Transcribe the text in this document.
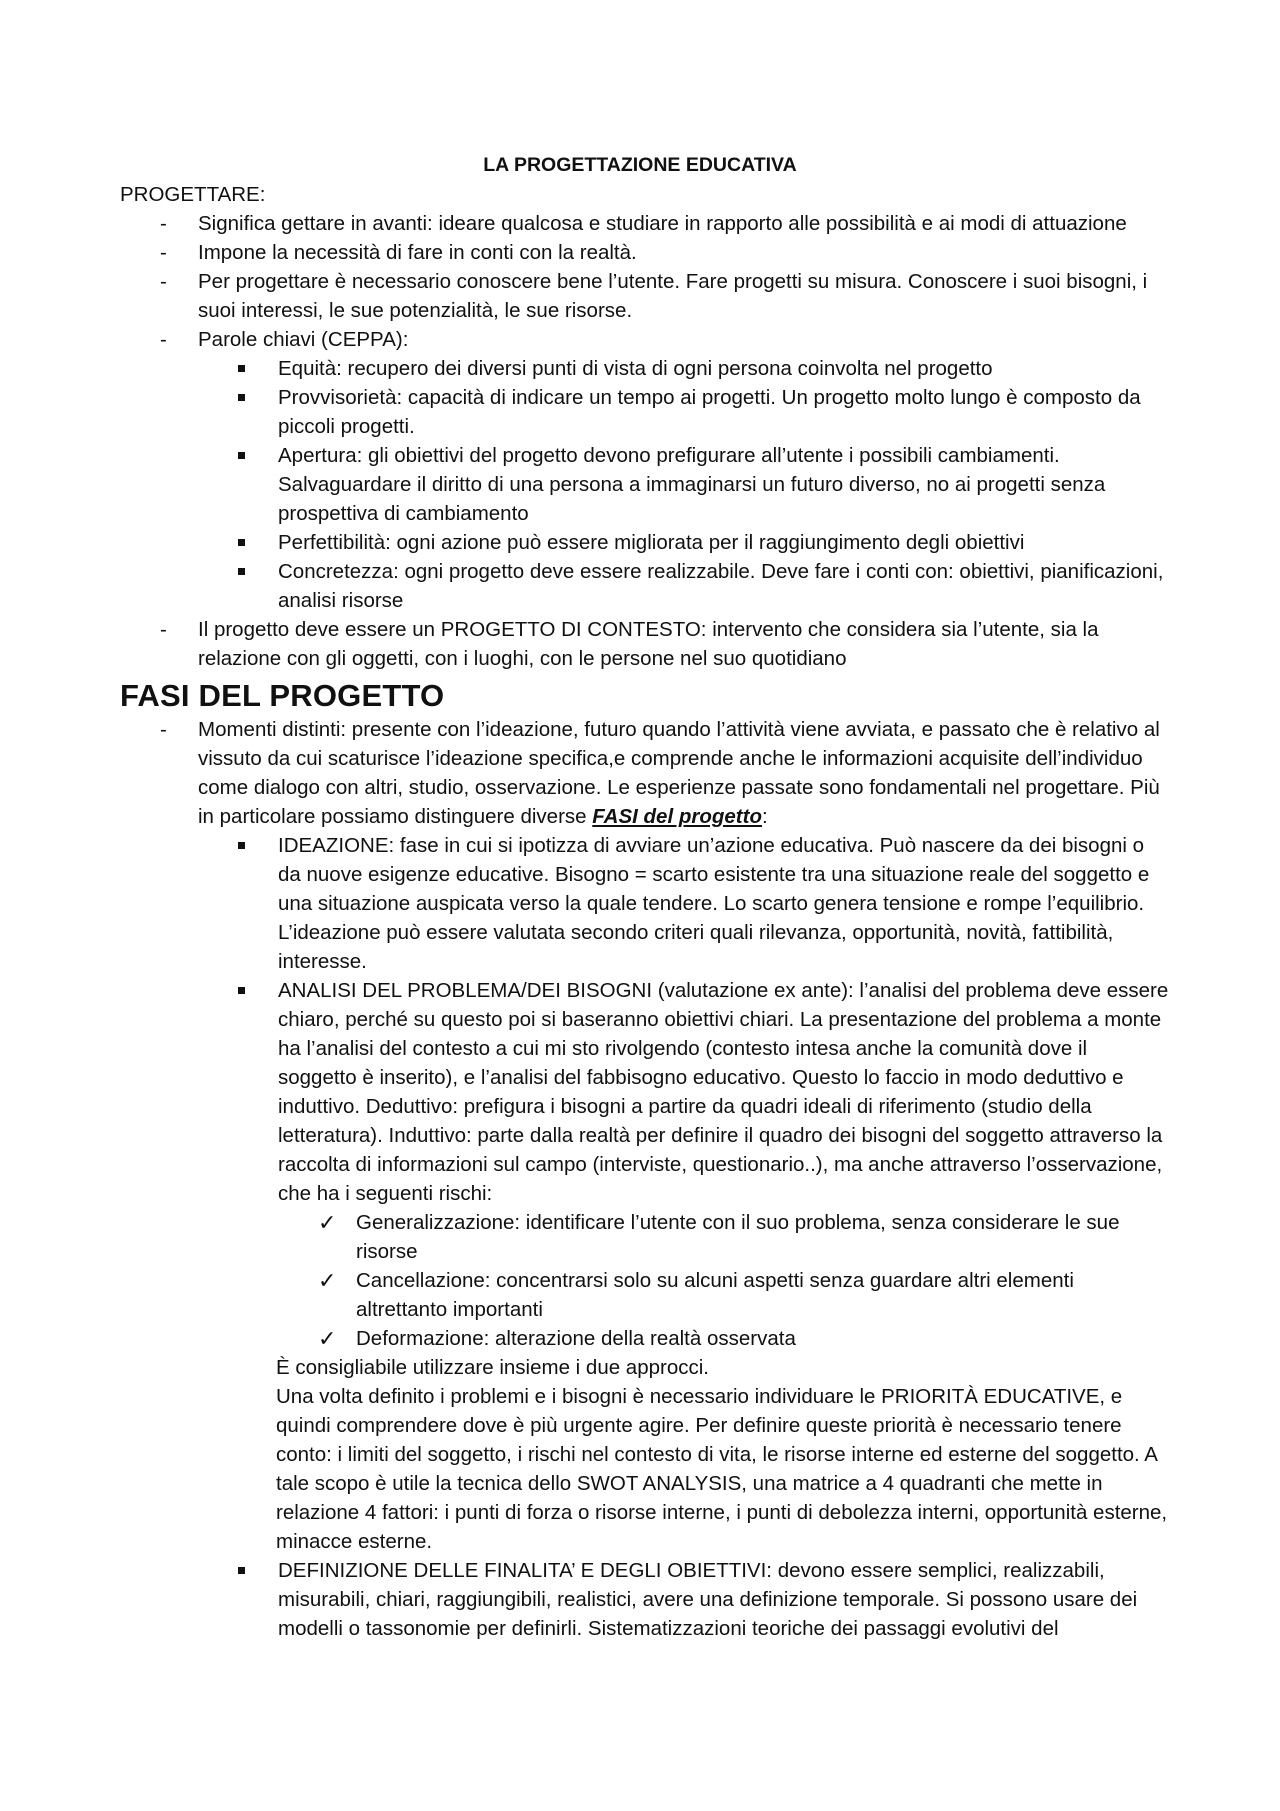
LA PROGETTAZIONE EDUCATIVA

PROGETTARE:

- Significa gettare in avanti: ideare qualcosa e studiare in rapporto alle possibilità e ai modi di attuazione
- Impone la necessità di fare in conti con la realtà.
- Per progettare è necessario conoscere bene l’utente. Fare progetti su misura. Conoscere i suoi bisogni, i suoi interessi, le sue potenzialità, le sue risorse.
- Parole chiavi (CEPPA):
Equità: recupero dei diversi punti di vista di ogni persona coinvolta nel progetto
Provvisorietà: capacità di indicare un tempo ai progetti. Un progetto molto lungo è composto da piccoli progetti.
Apertura: gli obiettivi del progetto devono prefigurare all’utente i possibili cambiamenti. Salvaguardare il diritto di una persona a immaginarsi un futuro diverso, no ai progetti senza prospettiva di cambiamento
Perfettibilità: ogni azione può essere migliorata per il raggiungimento degli obiettivi
Concretezza: ogni progetto deve essere realizzabile. Deve fare i conti con: obiettivi, pianificazioni, analisi risorse
- Il progetto deve essere un PROGETTO DI CONTESTO: intervento che considera sia l’utente, sia la relazione con gli oggetti, con i luoghi, con le persone nel suo quotidiano
FASI DEL PROGETTO
- Momenti distinti: presente con l’ideazione, futuro quando l’attività viene avviata, e passato che è relativo al vissuto da cui scaturisce l’ideazione specifica,e comprende anche le informazioni acquisite dell’individuo come dialogo con altri, studio, osservazione. Le esperienze passate sono fondamentali nel progettare. Più in particolare possiamo distinguere diverse FASI del progetto:
IDEAZIONE: fase in cui si ipotizza di avviare un’azione educativa. Può nascere da dei bisogni o da nuove esigenze educative. Bisogno = scarto esistente tra una situazione reale del soggetto e una situazione auspicata verso la quale tendere. Lo scarto genera tensione e rompe l’equilibrio. L’ideazione può essere valutata secondo criteri quali rilevanza, opportunità, novità, fattibilità, interesse.
ANALISI DEL PROBLEMA/DEI BISOGNI (valutazione ex ante): l’analisi del problema deve essere chiaro, perché su questo poi si baseranno obiettivi chiari. La presentazione del problema a monte ha l’analisi del contesto a cui mi sto rivolgendo (contesto intesa anche la comunità dove il soggetto è inserito), e l’analisi del fabbisogno educativo. Questo lo faccio in modo deduttivo e induttivo. Deduttivo: prefigura i bisogni a partire da quadri ideali di riferimento (studio della letteratura). Induttivo: parte dalla realtà per definire il quadro dei bisogni del soggetto attraverso la raccolta di informazioni sul campo (interviste, questionario..), ma anche attraverso l’osservazione, che ha i seguenti rischi:
✓ Generalizzazione: identificare l’utente con il suo problema, senza considerare le sue risorse
✓ Cancellazione: concentrarsi solo su alcuni aspetti senza guardare altri elementi altrettanto importanti
✓ Deformazione: alterazione della realtà osservata

È consigliabile utilizzare insieme i due approcci.

Una volta definito i problemi e i bisogni è necessario individuare le PRIORITÀ EDUCATIVE, e quindi comprendere dove è più urgente agire. Per definire queste priorità è necessario tenere conto: i limiti del soggetto, i rischi nel contesto di vita, le risorse interne ed esterne del soggetto. A tale scopo è utile la tecnica dello SWOT ANALYSIS, una matrice a 4 quadranti che mette in relazione 4 fattori: i punti di forza o risorse interne, i punti di debolezza interni, opportunità esterne, minacce esterne.

DEFINIZIONE DELLE FINALITA’ E DEGLI OBIETTIVI: devono essere semplici, realizzabili, misurabili, chiari, raggiungibili, realistici, avere una definizione temporale. Si possono usare dei modelli o tassonomie per definirli. Sistematizzazioni teoriche dei passaggi evolutivi del
